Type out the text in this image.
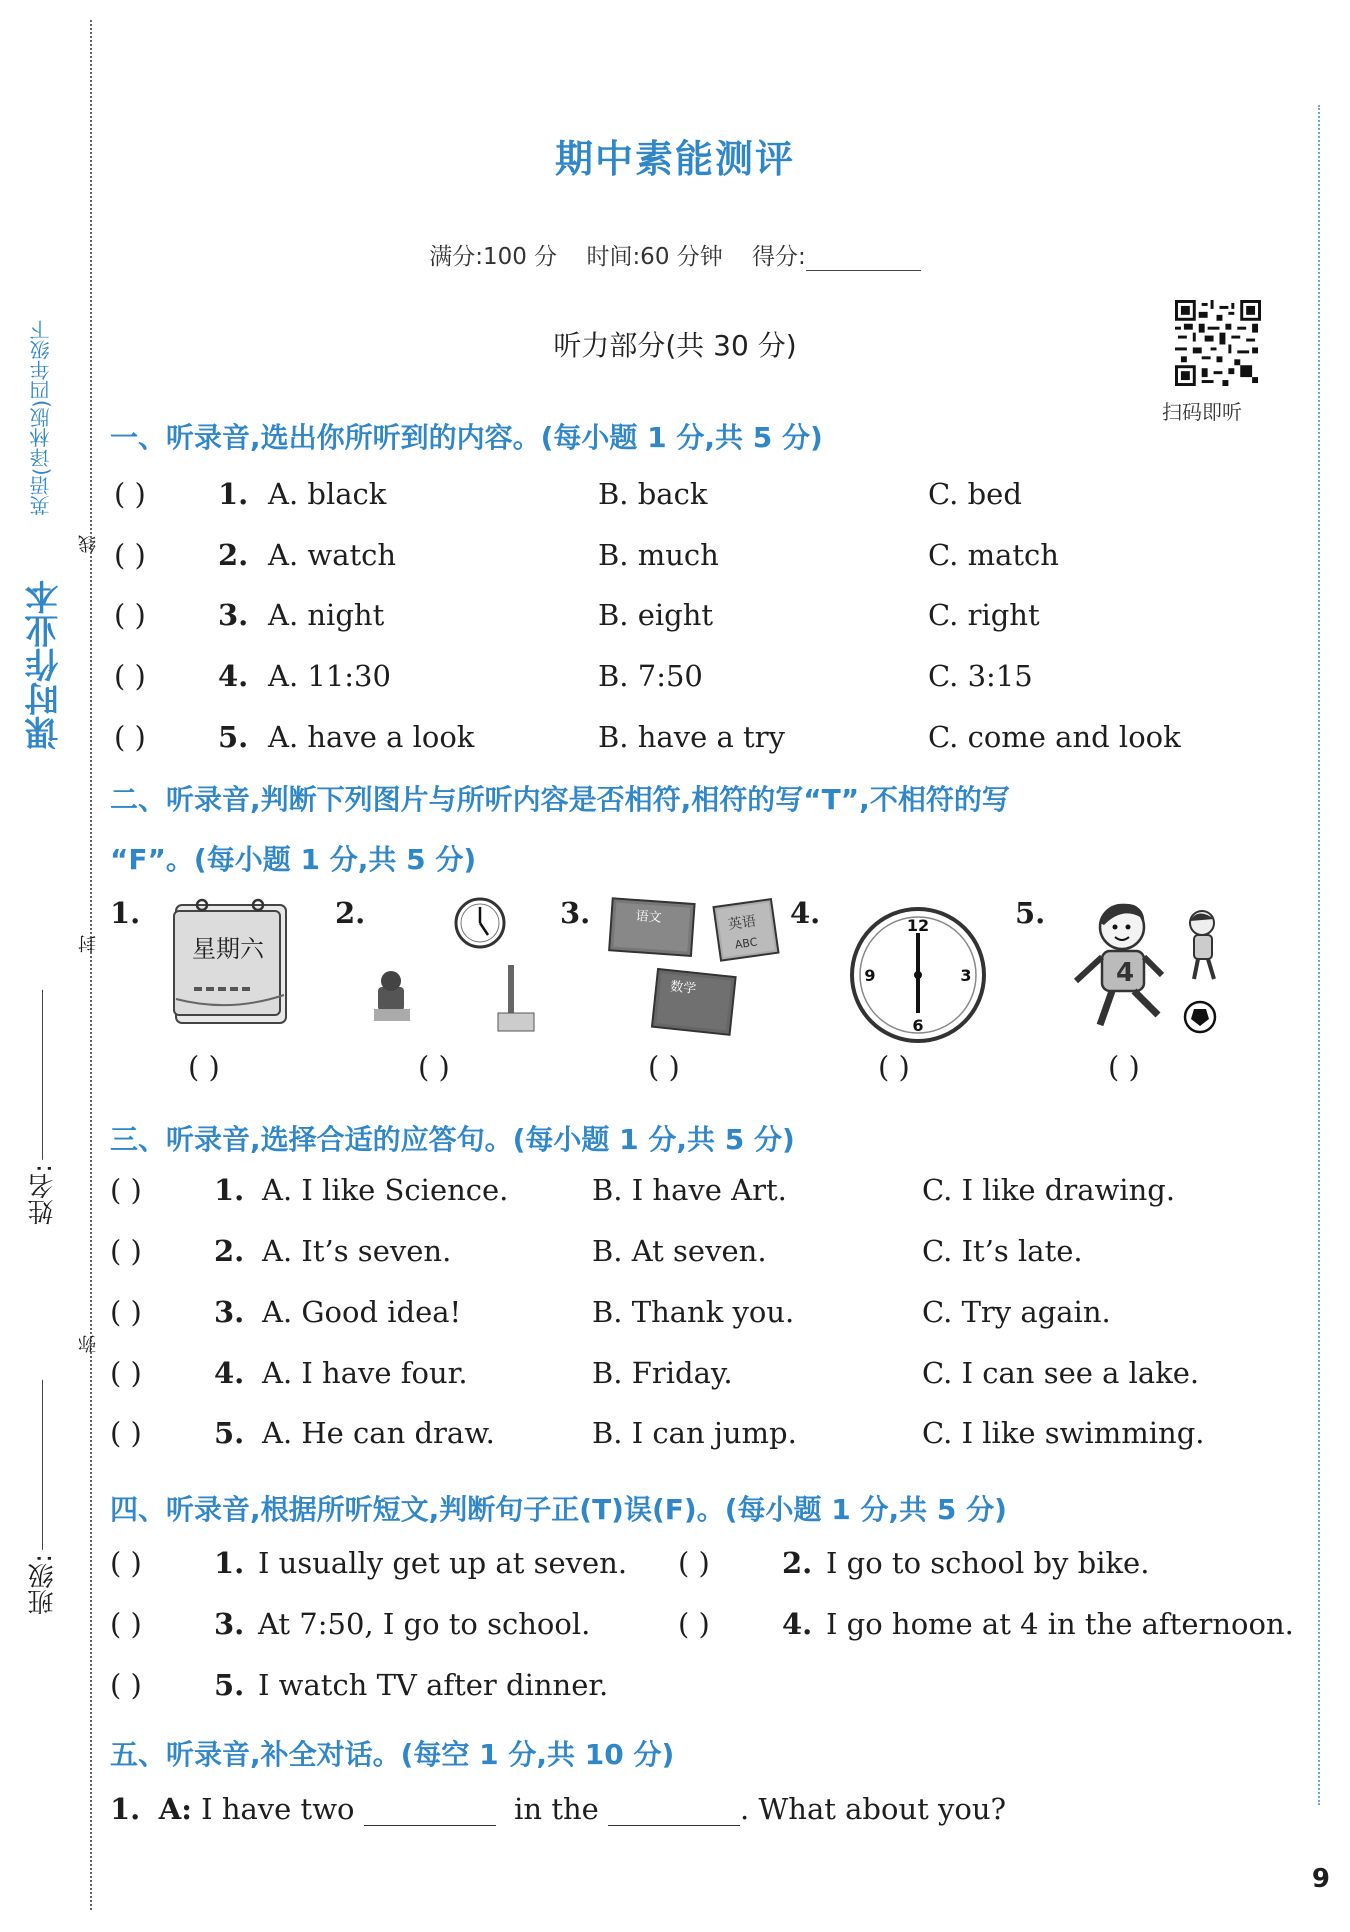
课时作业本
英语(译林版)四年级下
线
封
弥
姓名:
班级:
期中素能测评
满分:100 分 时间:60 分钟 得分:
听力部分(共 30 分)
扫码即听
一、听录音,选出你所听到的内容。(每小题 1 分,共 5 分)
( ) 1. A. black	B. back	C. bed
( ) 2. A. watch	B. much	C. match
( ) 3. A. night	B. eight	C. right
( ) 4. A. 11:30	B. 7:50	C. 3:15
( ) 5. A. have a look	B. have a try	C. come and look
二、听录音,判断下列图片与所听内容是否相符,相符的写“T”,不相符的写
“F”。(每小题 1 分,共 5 分)
1.	2.	3.	4.	5.
星期六
语文	英语
ABC
数学
12
3
6
9	4
( )	( )	( )	( )	( )
三、听录音,选择合适的应答句。(每小题 1 分,共 5 分)
( ) 1. A. I like Science.	B. I have Art.	C. I like drawing.
( ) 2. A. It’s seven.	B. At seven.	C. It’s late.
( ) 3. A. Good idea!	B. Thank you.	C. Try again.
( ) 4. A. I have four.	B. Friday.	C. I can see a lake.
( ) 5. A. He can draw.	B. I can jump.	C. I like swimming.
四、听录音,根据所听短文,判断句子正(T)误(F)。(每小题 1 分,共 5 分)
( ) 1. I usually get up at seven. ( ) 2. I go to school by bike.
( ) 3. At 7:50, I go to school.	( ) 4. I go home at 4 in the afternoon.
( ) 5. I watch TV after dinner.
五、听录音,补全对话。(每空 1 分,共 10 分)
1. A: I have two	in the	. What about you?
9
